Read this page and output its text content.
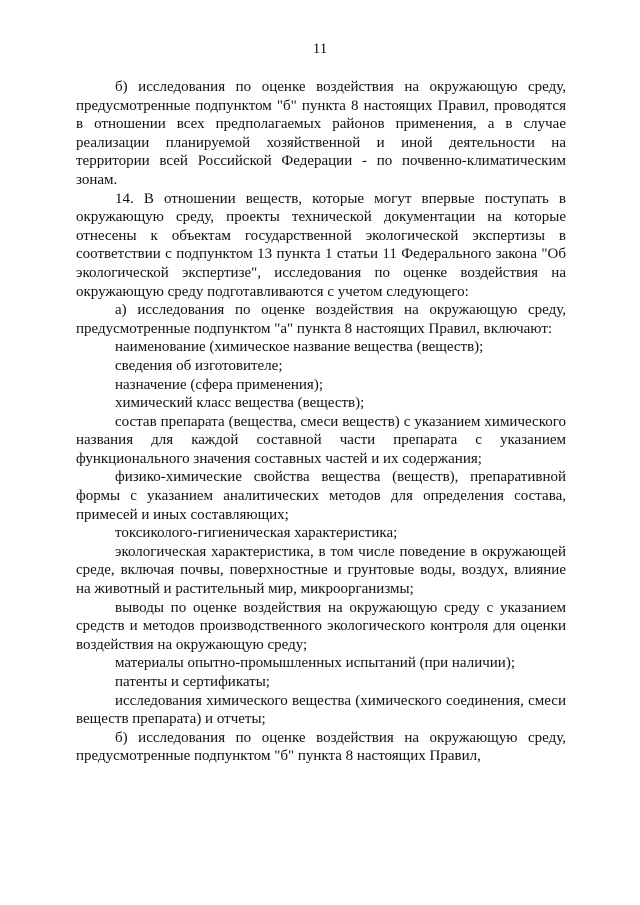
11

б) исследования по оценке воздействия на окружающую среду, предусмотренные подпунктом "б" пункта 8 настоящих Правил, проводятся в отношении всех предполагаемых районов применения, а в случае реализации планируемой хозяйственной и иной деятельности на территории всей Российской Федерации - по почвенно-климатическим зонам.

14. В отношении веществ, которые могут впервые поступать в окружающую среду, проекты технической документации на которые отнесены к объектам государственной экологической экспертизы в соответствии с подпунктом 13 пункта 1 статьи 11 Федерального закона "Об экологической экспертизе", исследования по оценке воздействия на окружающую среду подготавливаются с учетом следующего:

а) исследования по оценке воздействия на окружающую среду, предусмотренные подпунктом "а" пункта 8 настоящих Правил, включают:

наименование (химическое название вещества (веществ);

сведения об изготовителе;

назначение (сфера применения);

химический класс вещества (веществ);

состав препарата (вещества, смеси веществ) с указанием химического названия для каждой составной части препарата с указанием функционального значения составных частей и их содержания;

физико-химические свойства вещества (веществ), препаративной формы с указанием аналитических методов для определения состава, примесей и иных составляющих;

токсиколого-гигиеническая характеристика;

экологическая характеристика, в том числе поведение в окружающей среде, включая почвы, поверхностные и грунтовые воды, воздух, влияние на животный и растительный мир, микроорганизмы;

выводы по оценке воздействия на окружающую среду с указанием средств и методов производственного экологического контроля для оценки воздействия на окружающую среду;

материалы опытно-промышленных испытаний (при наличии);

патенты и сертификаты;

исследования химического вещества (химического соединения, смеси веществ препарата) и отчеты;

б) исследования по оценке воздействия на окружающую среду, предусмотренные подпунктом "б" пункта 8 настоящих Правил,
